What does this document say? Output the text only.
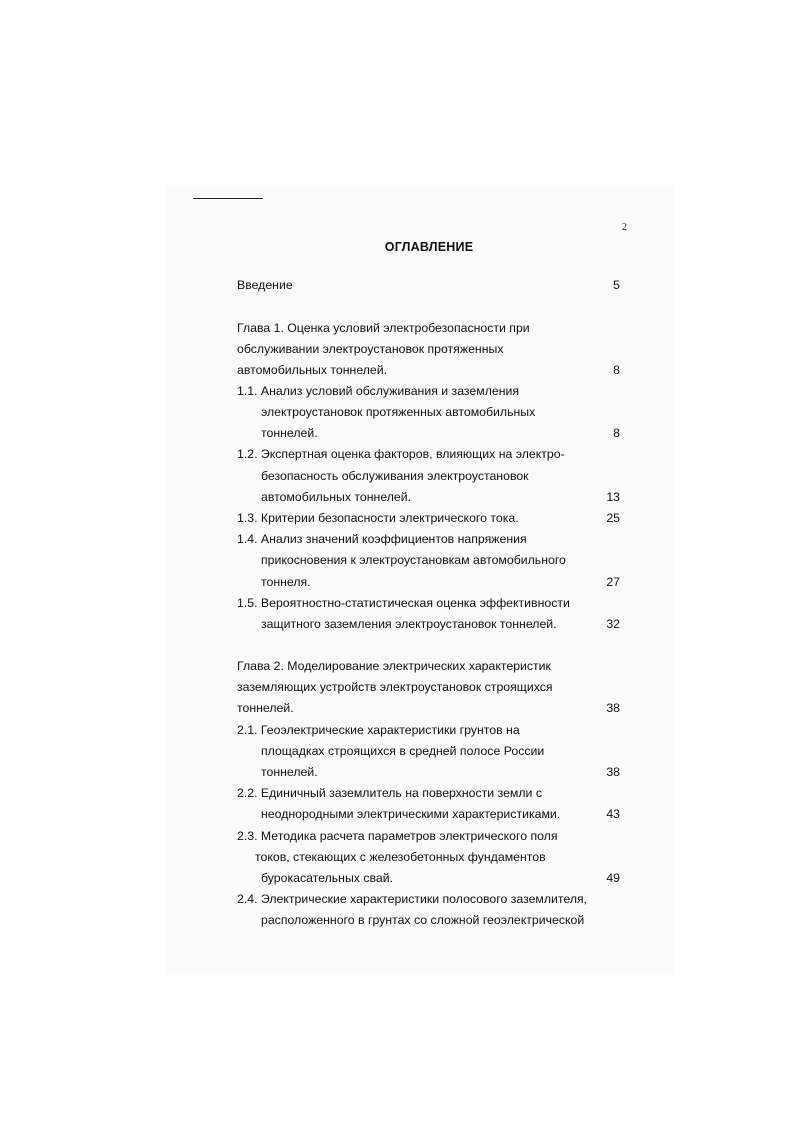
2
ОГЛАВЛЕНИЕ
Введение	5
Глава 1. Оценка условий электробезопасности при
обслуживании электроустановок протяженных
автомобильных тоннелей.	8
1.1. Анализ условий обслуживания и заземления
электроустановок протяженных автомобильных
тоннелей.	8
1.2. Экспертная оценка факторов, влияющих на электро-
безопасность обслуживания электроустановок
автомобильных тоннелей.	13
1.3. Критерии безопасности электрического тока.	25
1.4. Анализ значений коэффициентов напряжения
прикосновения к электроустановкам автомобильного
тоннеля.	27
1.5. Вероятностно-статистическая оценка эффективности
защитного заземления электроустановок тоннелей.	32
Глава 2. Моделирование электрических характеристик
заземляющих устройств электроустановок строящихся
тоннелей.	38
2.1. Геоэлектрические характеристики грунтов на
площадках строящихся в средней полосе России
тоннелей.	38
2.2. Единичный заземлитель на поверхности земли с
неоднородными электрическими характеристиками.	43
2.3. Методика расчета параметров электрического поля
токов, стекающих с железобетонных фундаментов
бурокасательных свай.	49
2.4. Электрические характеристики полосового заземлителя,
расположенного в грунтах со сложной геоэлектрической
